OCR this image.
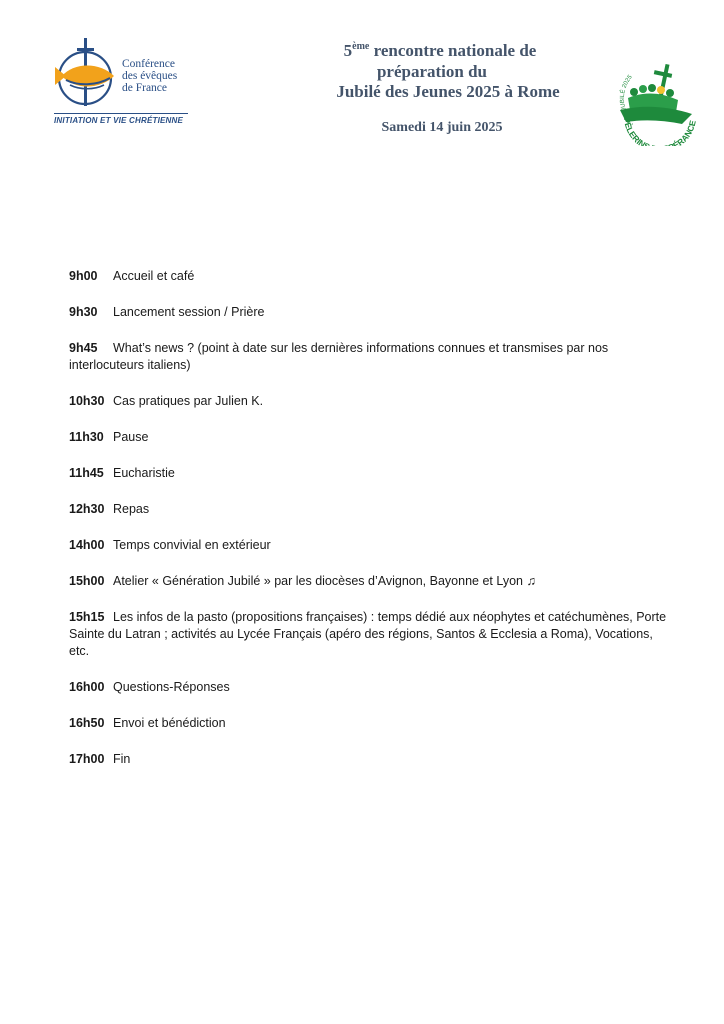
Conférence
des évêques
de France
INITIATION ET VIE CHRÉTIENNE
5ème rencontre nationale de
préparation du
Jubilé des Jeunes 2025 à Rome
Samedi 14 juin 2025
JUBILÉ 2025
PÈLERIN ÉRANCE
9h00 Accueil et café
9h30 Lancement session / Prière
9h45 What’s news ? (point à date sur les dernières informations connues et transmises par nos interlocuteurs italiens)
10h30 Cas pratiques par Julien K.
11h30 Pause
11h45 Eucharistie
12h30 Repas
14h00 Temps convivial en extérieur
15h00 Atelier « Génération Jubilé » par les diocèses d’Avignon, Bayonne et Lyon ♫
15h15 Les infos de la pasto (propositions françaises) : temps dédié aux néophytes et catéchumènes, Porte Sainte du Latran ; activités au Lycée Français (apéro des régions, Santos & Ecclesia a Roma), Vocations, etc.
16h00 Questions-Réponses
16h50 Envoi et bénédiction
17h00 Fin
